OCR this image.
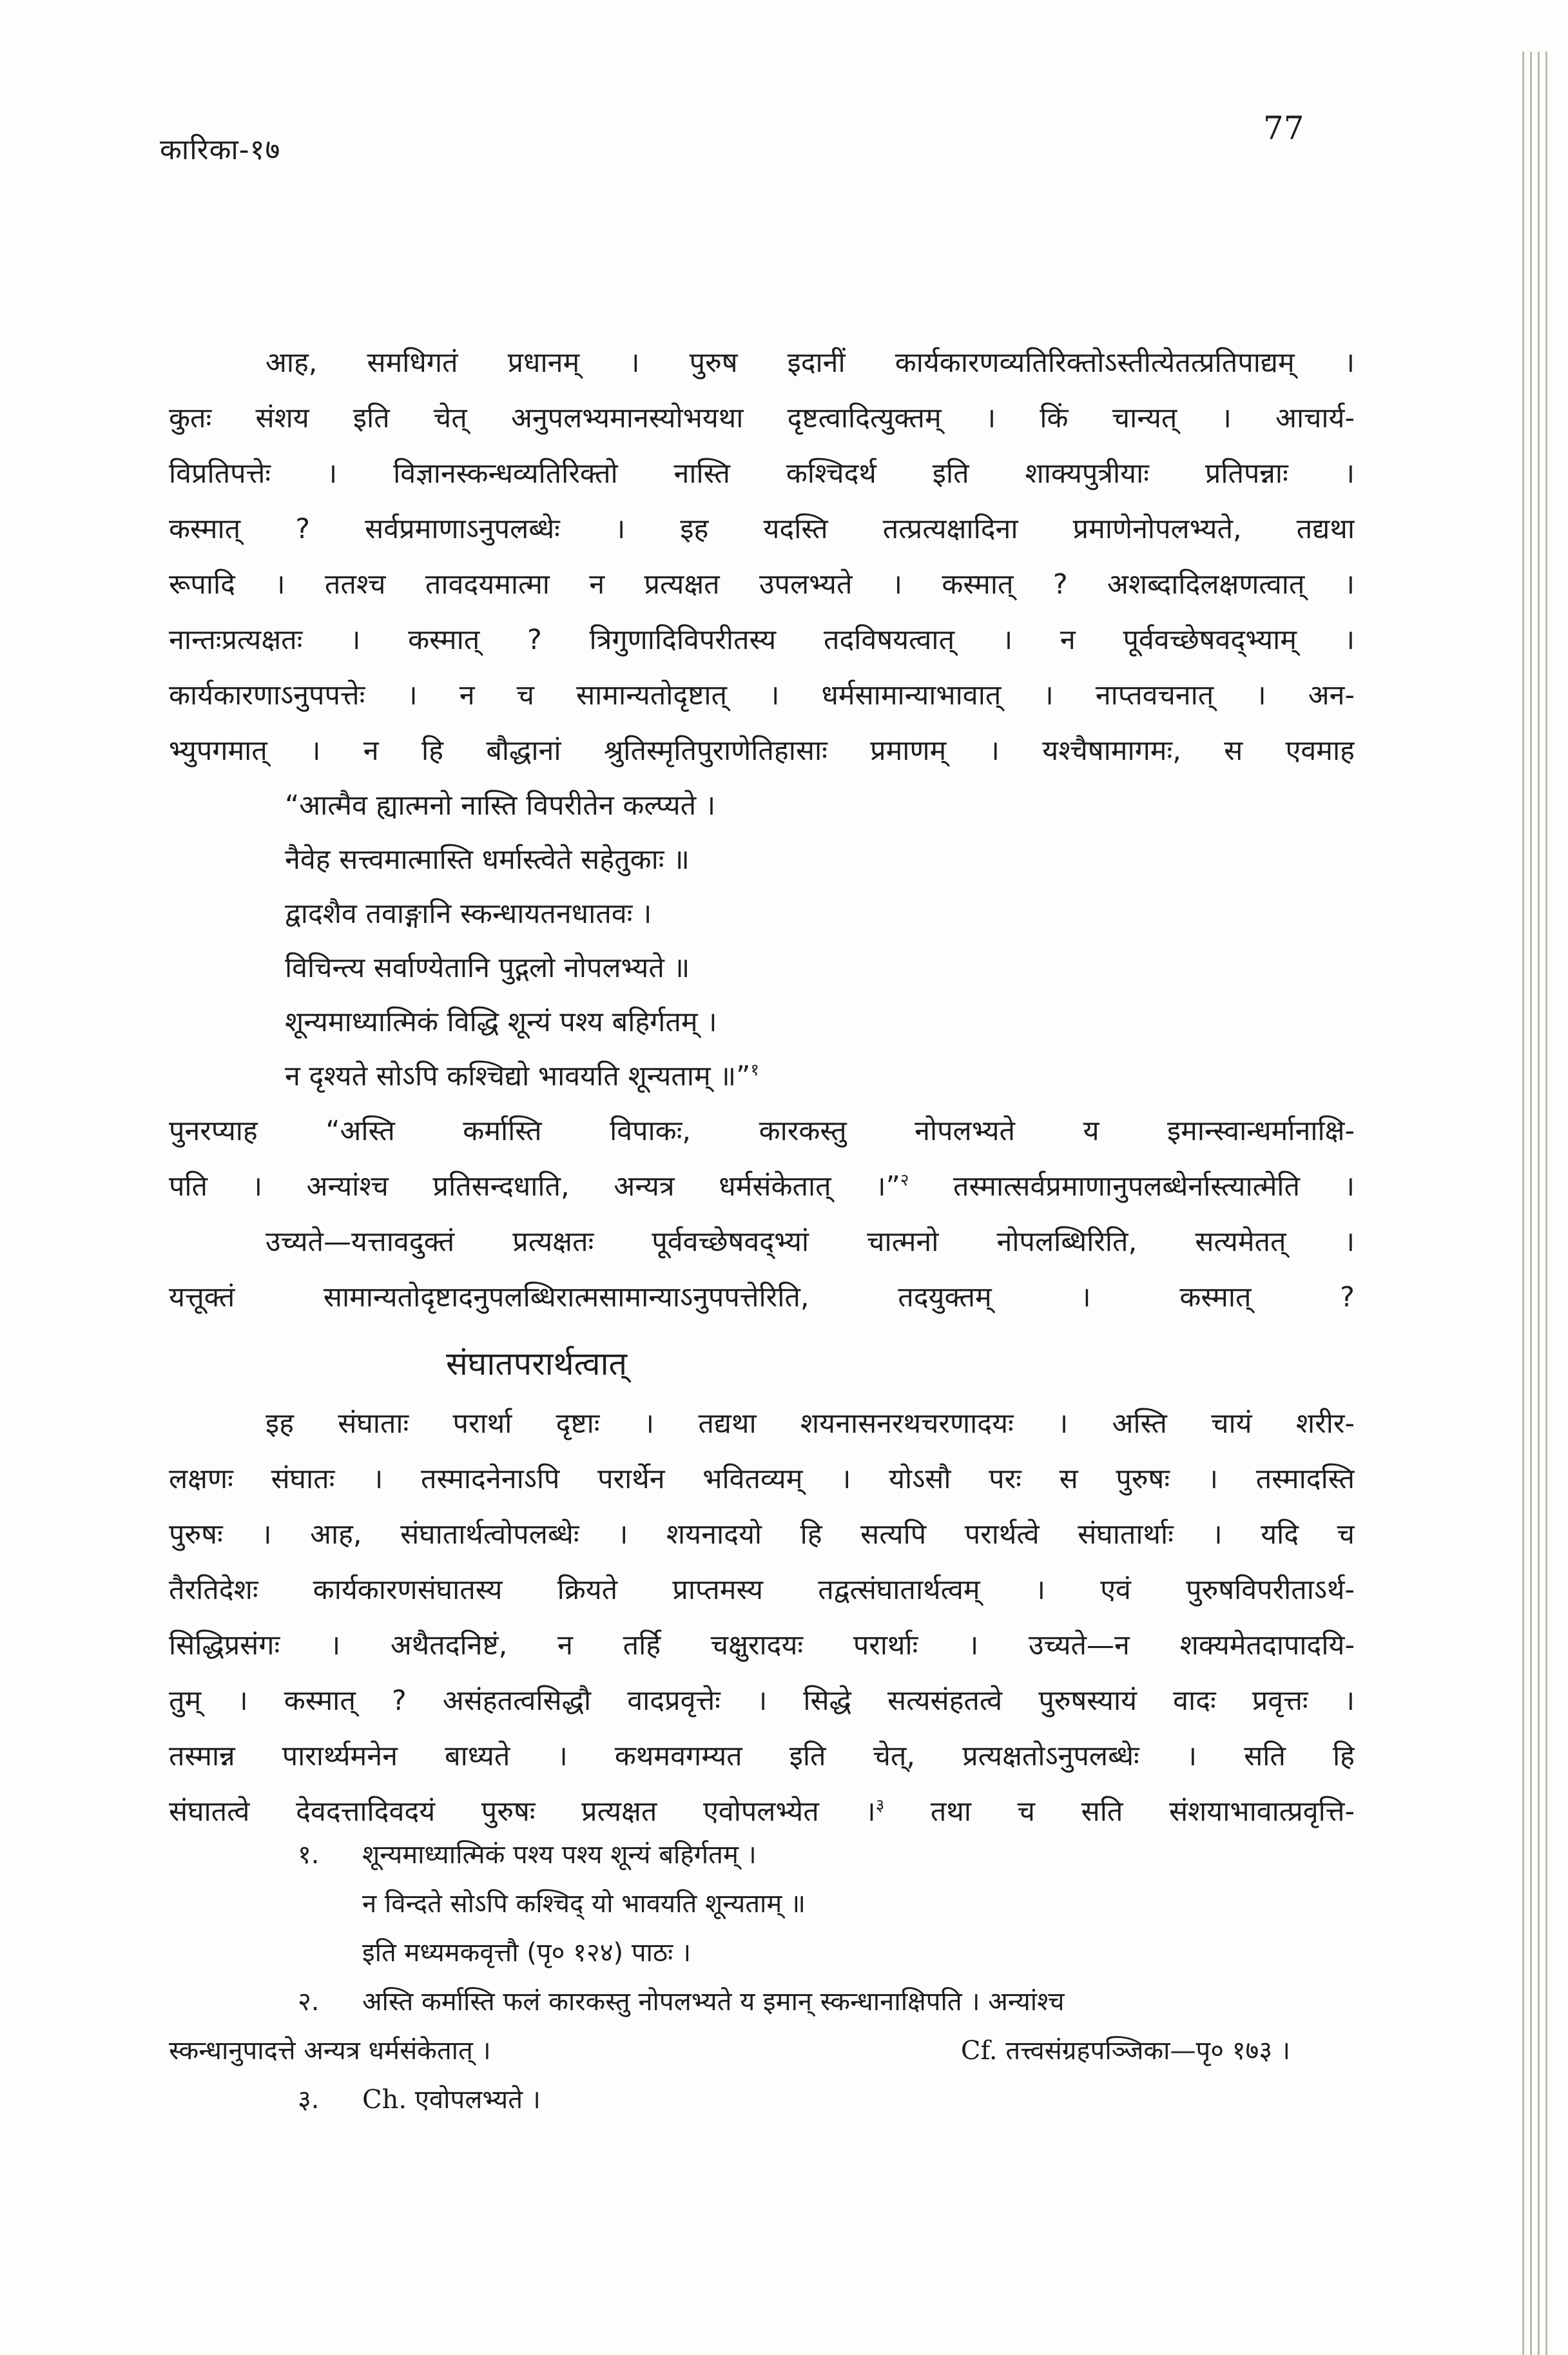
कारिका-१७
77
आह, समधिगतं प्रधानम् । पुरुष इदानीं कार्यकारणव्यतिरिक्तोऽस्तीत्येतत्प्रतिपाद्यम् ।
कुतः संशय इति चेत् अनुपलभ्यमानस्योभयथा दृष्टत्वादित्युक्तम् । किं चान्यत् । आचार्य-
विप्रतिपत्तेः । विज्ञानस्कन्धव्यतिरिक्तो नास्ति कश्चिदर्थ इति शाक्यपुत्रीयाः प्रतिपन्नाः ।
कस्मात् ? सर्वप्रमाणाऽनुपलब्धेः । इह यदस्ति तत्प्रत्यक्षादिना प्रमाणेनोपलभ्यते, तद्यथा
रूपादि । ततश्च तावदयमात्मा न प्रत्यक्षत उपलभ्यते । कस्मात् ? अशब्दादिलक्षणत्वात् ।
नान्तःप्रत्यक्षतः । कस्मात् ? त्रिगुणादिविपरीतस्य तदविषयत्वात् । न पूर्ववच्छेषवद्भ्याम् ।
कार्यकारणाऽनुपपत्तेः । न च सामान्यतोदृष्टात् । धर्मसामान्याभावात् । नाप्तवचनात् । अन-
भ्युपगमात् । न हि बौद्धानां श्रुतिस्मृतिपुराणेतिहासाः प्रमाणम् । यश्चैषामागमः, स एवमाह
“आत्मैव ह्यात्मनो नास्ति विपरीतेन कल्प्यते ।
नैवेह सत्त्वमात्मास्ति धर्मास्त्वेते सहेतुकाः ॥
द्वादशैव तवाङ्गानि स्कन्धायतनधातवः ।
विचिन्त्य सर्वाण्येतानि पुद्गलो नोपलभ्यते ॥
शून्यमाध्यात्मिकं विद्धि शून्यं पश्य बहिर्गतम् ।
न दृश्यते सोऽपि कश्चिद्यो भावयति शून्यताम् ॥”$^१$
पुनरप्याह “अस्ति कर्मास्ति विपाकः, कारकस्तु नोपलभ्यते य इमान्स्वान्धर्मानाक्षि-
पति । अन्यांश्च प्रतिसन्दधाति, अन्यत्र धर्मसंकेतात् ।”$^२$ तस्मात्सर्वप्रमाणानुपलब्धेर्नास्त्यात्मेति ।
उच्यते—यत्तावदुक्तं प्रत्यक्षतः पूर्ववच्छेषवद्भ्यां चात्मनो नोपलब्धिरिति, सत्यमेतत् ।
यत्तूक्तं सामान्यतोदृष्टादनुपलब्धिरात्मसामान्याऽनुपपत्तेरिति, तदयुक्तम् । कस्मात् ?
संघातपरार्थत्वात्
इह संघाताः परार्था दृष्टाः । तद्यथा शयनासनरथचरणादयः । अस्ति चायं शरीर-
लक्षणः संघातः । तस्मादनेनाऽपि परार्थेन भवितव्यम् । योऽसौ परः स पुरुषः । तस्मादस्ति
पुरुषः । आह, संघातार्थत्वोपलब्धेः । शयनादयो हि सत्यपि परार्थत्वे संघातार्थाः । यदि च
तैरतिदेशः कार्यकारणसंघातस्य क्रियते प्राप्तमस्य तद्वत्संघातार्थत्वम् । एवं पुरुषविपरीताऽर्थ-
सिद्धिप्रसंगः । अथैतदनिष्टं, न तर्हि चक्षुरादयः परार्थाः । उच्यते—न शक्यमेतदापादयि-
तुम् । कस्मात् ? असंहतत्वसिद्धौ वादप्रवृत्तेः । सिद्धे सत्यसंहतत्वे पुरुषस्यायं वादः प्रवृत्तः ।
तस्मान्न पारार्थ्यमनेन बाध्यते । कथमवगम्यत इति चेत्, प्रत्यक्षतोऽनुपलब्धेः । सति हि
संघातत्वे देवदत्तादिवदयं पुरुषः प्रत्यक्षत एवोपलभ्येत ।$^३$ तथा च सति संशयाभावात्प्रवृत्ति-
१. शून्यमाध्यात्मिकं पश्य पश्य शून्यं बहिर्गतम् ।
न विन्दते सोऽपि कश्चिद् यो भावयति शून्यताम् ॥
इति मध्यमकवृत्तौ (पृ० १२४) पाठः ।
२. अस्ति कर्मास्ति फलं कारकस्तु नोपलभ्यते य इमान् स्कन्धानाक्षिपति । अन्यांश्च
स्कन्धानुपादत्ते अन्यत्र धर्मसंकेतात् ।	Cf. तत्त्वसंग्रहपञ्जिका—पृ० १७३ ।
३. Ch. एवोपलभ्यते ।
